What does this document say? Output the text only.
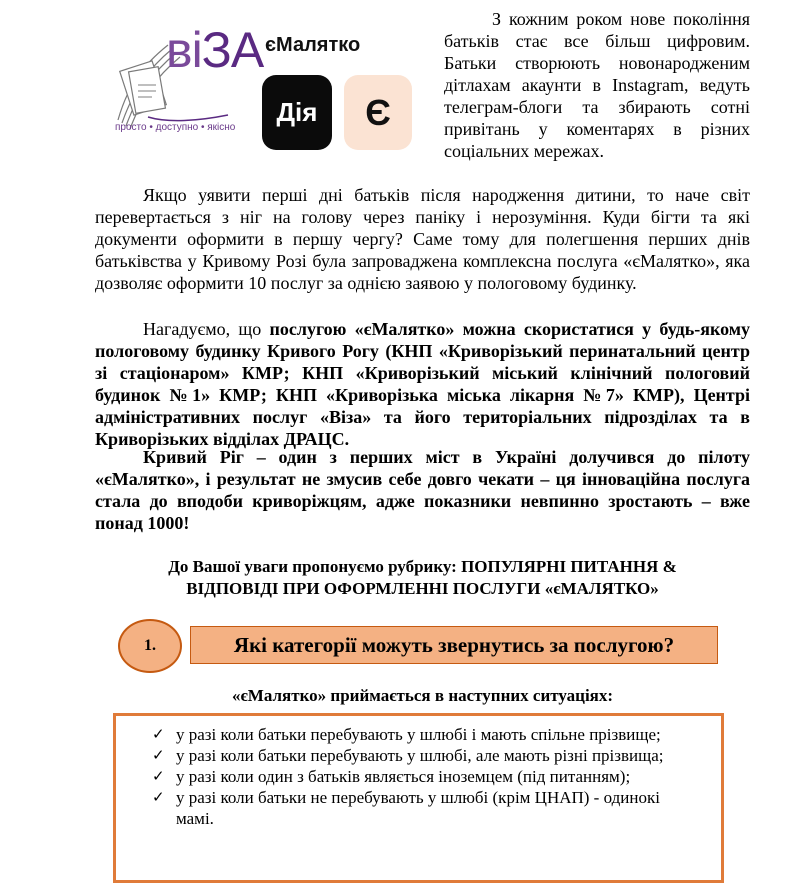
віЗА
просто • доступно • якісно
єМалятко
Дія	Є

З кожним роком нове покоління батьків стає все більш цифровим. Батьки створюють новонародженим дітлахам акаунти в Instagram, ведуть телеграм-блоги та збирають сотні привітань у коментарях в різних соціальних мережах.

Якщо уявити перші дні батьків після народження дитини, то наче світ перевертається з ніг на голову через паніку і нерозуміння. Куди бігти та які документи оформити в першу чергу? Саме тому для полегшення перших днів батьківства у Кривому Розі була запроваджена комплексна послуга «єМалятко», яка дозволяє оформити 10 послуг за однією заявою у пологовому будинку.

Нагадуємо, що послугою «єМалятко» можна скористатися у будь-якому пологовому будинку Кривого Рогу (КНП «Криворізький перинатальний центр зі стаціонаром» КМР; КНП «Криворізький міський клінічний пологовий будинок №1» КМР; КНП «Криворізька міська лікарня №7» КМР), Центрі адміністративних послуг «Віза» та його територіальних підрозділах та в Криворізьких відділах ДРАЦС.

Кривий Ріг – один з перших міст в Україні долучився до пілоту «єМалятко», і результат не змусив себе довго чекати – ця інноваційна послуга стала до вподоби криворіжцям, адже показники невпинно зростають – вже понад 1000!

До Вашої уваги пропонуємо рубрику: ПОПУЛЯРНІ ПИТАННЯ &
ВІДПОВІДІ ПРИ ОФОРМЛЕННІ ПОСЛУГИ «єМАЛЯТКО»
1.	Які категорії можуть звернутись за послугою?
«єМалятко» приймається в наступних ситуаціях:
✓ у разі коли батьки перебувають у шлюбі і мають спільне прізвище;
✓ у разі коли батьки перебувають у шлюбі, але мають різні прізвища;
✓ у разі коли один з батьків являється іноземцем (під питанням);
✓ у разі коли батьки не перебувають у шлюбі (крім ЦНАП) - одинокі мамі.
